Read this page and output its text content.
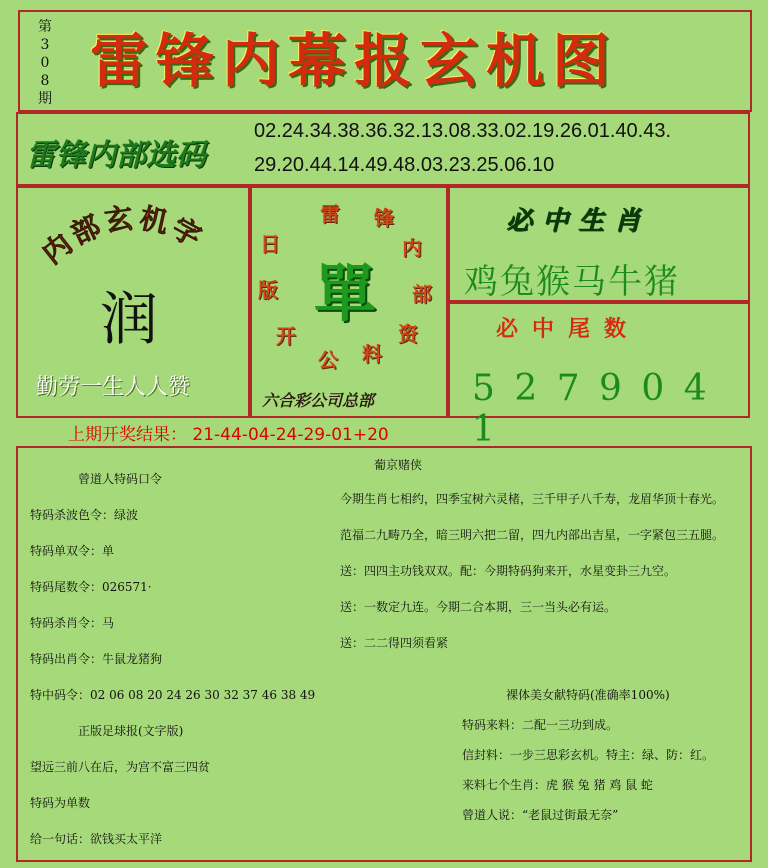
第
3
0
8
期
雷锋内幕报玄机图
雷锋内部选码
02.24.34.38.36.32.13.08.33.02.19.26.01.40.43.
29.20.44.14.49.48.03.23.25.06.10
内部玄机字
润
勤劳一生人人赞
日
雷 锋
内
部
资
料
公
开
版 單
六合彩公司总部
必中生肖
鸡兔猴马牛猪
必中尾数
5 2 7 9 0 4 1
上期开奖结果： 21-44-04-24-29-01+20
曾道人特码口令
特码杀波色令：绿波
特码单双令：单
特码尾数令：026571·
特码杀肖令：马
特码出肖令：牛鼠龙猪狗
特中码令：02 06 08 20 24 26 30 32 37 46 38 49
正版足球报(文字版)
望远三前八在后，为宫不富三四贫
特码为单数
给一句话：欲钱买太平洋
葡京赌侠
今期生肖七相约，四季宝树六灵楮，三千甲子八千寿，龙眉华顶十春光。
范福二九畴乃全，暗三明六把二留，四九内部出吉星，一字紧包三五腿。
送：四四主功钱双双。配：今期特码狗来开，水星变卦三九空。
送：一数定九连。今期二合本期，三一当头必有运。
送：二二得四须看紧
裸体美女献特码(准确率100%)
特码来料：二配一三功到成。
信封料：一步三思彩玄机。特主：绿、防：红。
来料七个生肖：虎 猴 兔 猪 鸡 鼠 蛇
曾道人说：“老鼠过街最无奈”
